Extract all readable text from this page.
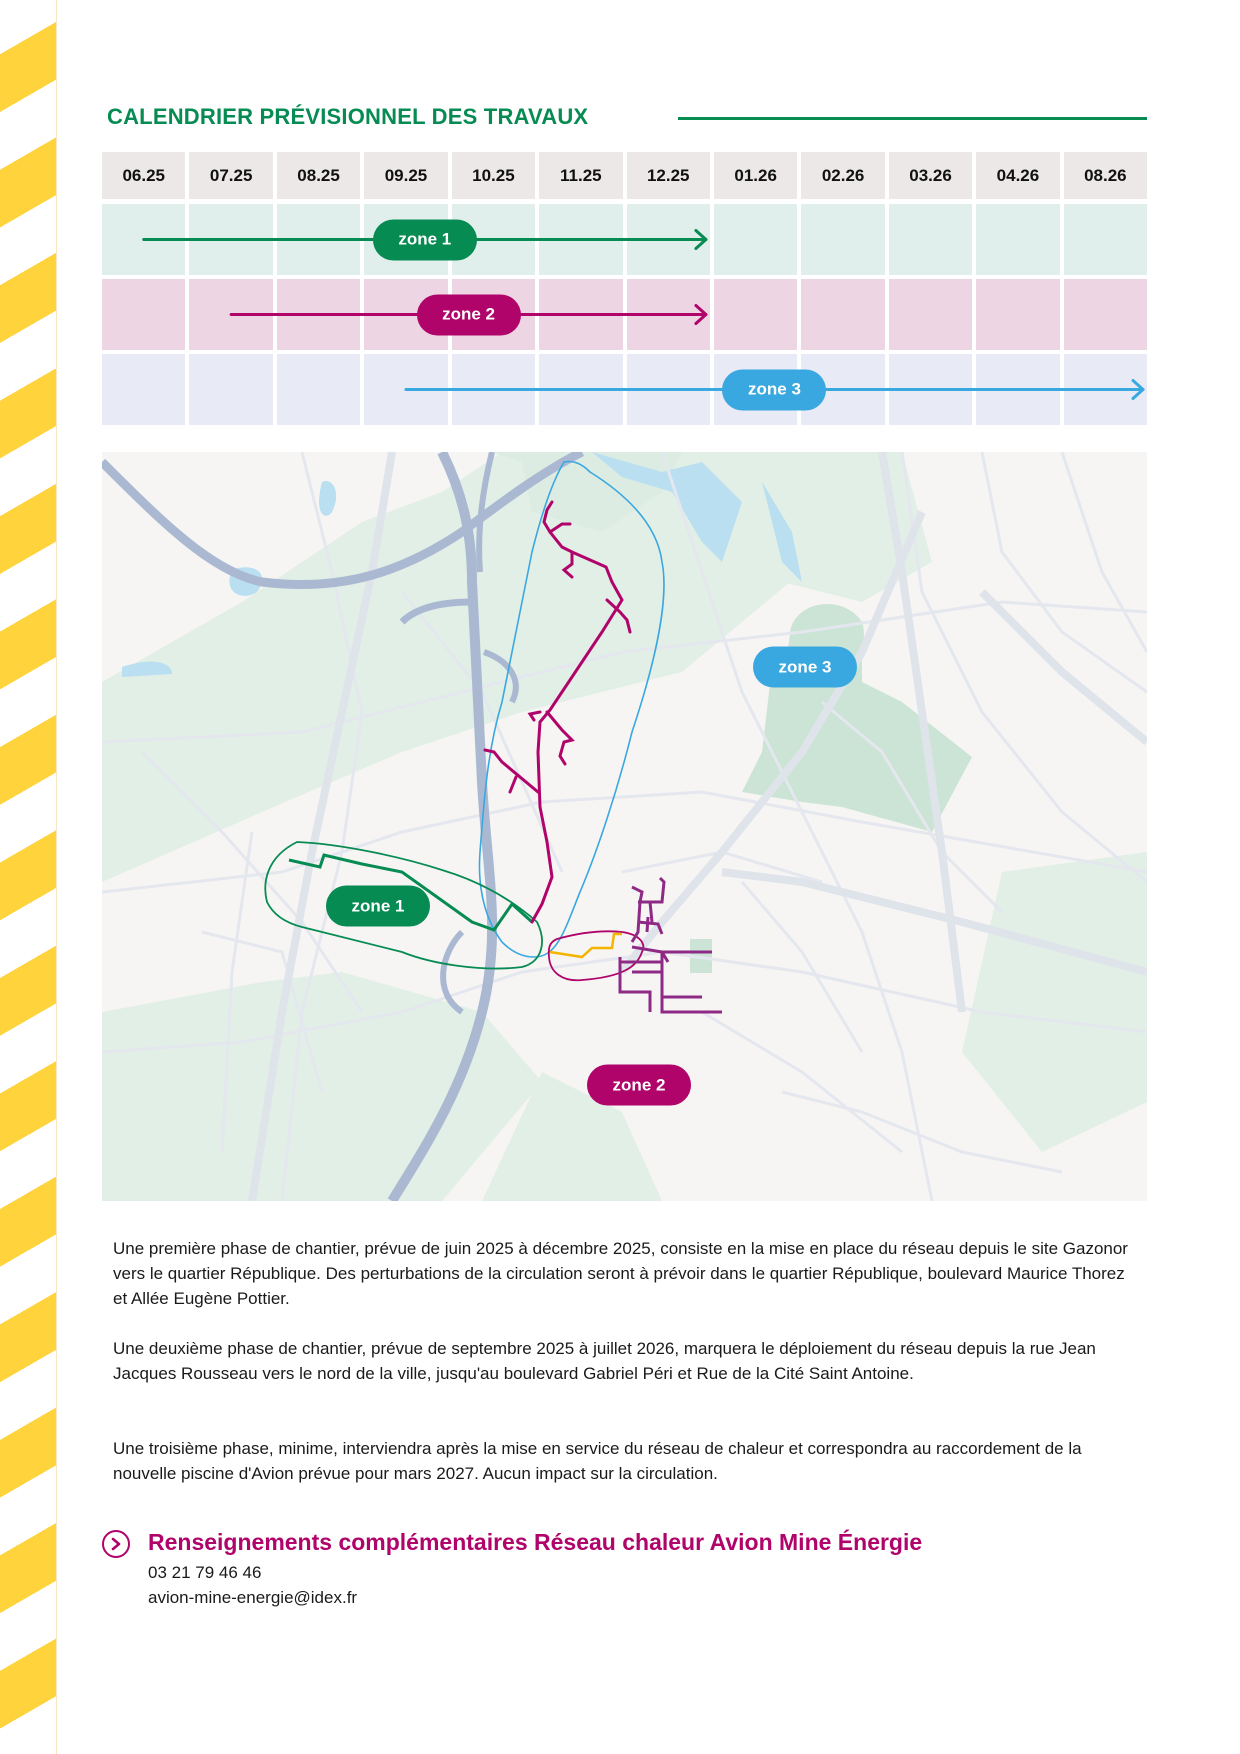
CALENDRIER PRÉVISIONNEL DES TRAVAUX
06.25	07.25	08.25	09.25	10.25	11.25	12.25	01.26	02.26	03.26	04.26	08.26
zone 1
zone 2
zone 3
zone 1
zone 2
zone 3
Une première phase de chantier, prévue de juin 2025 à décembre 2025, consiste en la mise en place du réseau depuis le site Gazonor vers le quartier République. Des perturbations de la circulation seront à prévoir dans le quartier République, boulevard Maurice Thorez et Allée Eugène Pottier.
Une deuxième phase de chantier, prévue de septembre 2025 à juillet 2026, marquera le déploiement du réseau depuis la rue Jean Jacques Rousseau vers le nord de la ville, jusqu'au boulevard Gabriel Péri et Rue de la Cité Saint Antoine.
Une troisième phase, minime, interviendra après la mise en service du réseau de chaleur et correspondra au raccordement de la nouvelle piscine d'Avion prévue pour mars 2027. Aucun impact sur la circulation.
Renseignements complémentaires Réseau chaleur Avion Mine Énergie
03 21 79 46 46
avion-mine-energie@idex.fr
